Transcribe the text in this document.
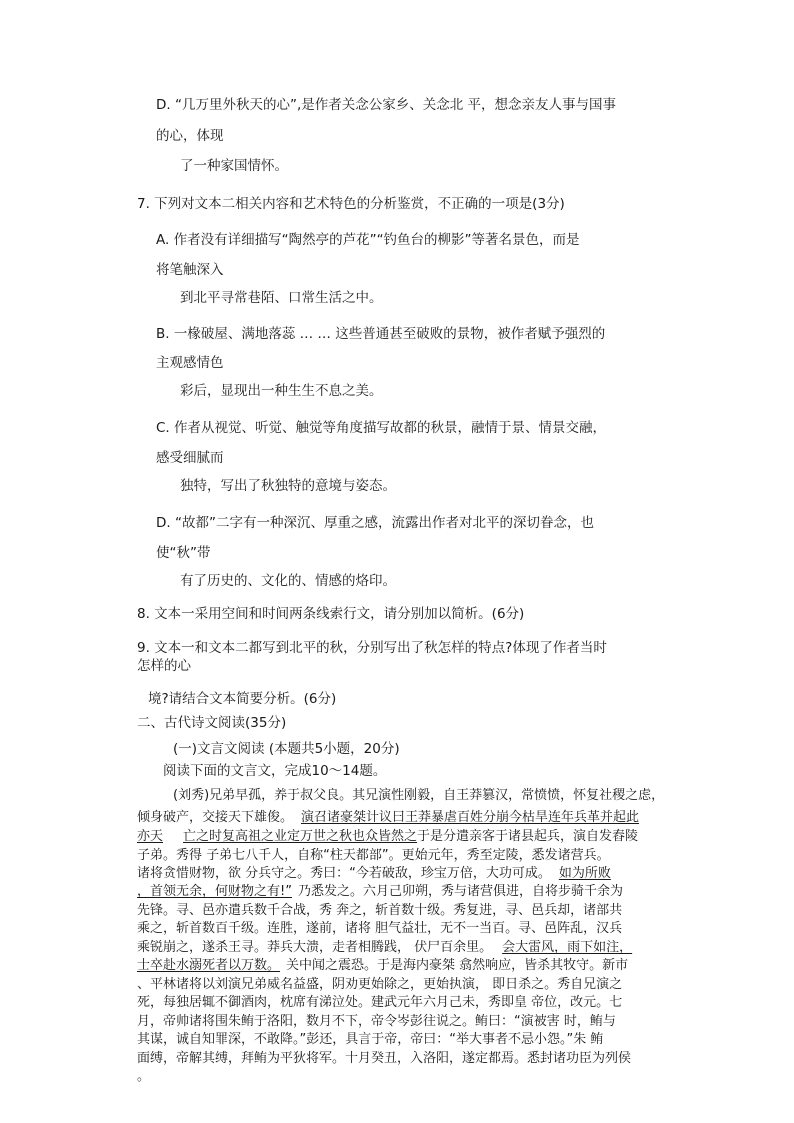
D. “几万里外秋天的心”,是作者关念公家乡、关念北 平，想念亲友人事与国事
的心，体现
了一种家国情怀。
7. 下列对文本二相关内容和艺术特色的分析鉴赏，不正确的一项是(3分)
A. 作者没有详细描写“陶然亭的芦花”“钓鱼台的柳影”等著名景色，而是
将笔触深入
到北平寻常巷陌、口常生活之中。
B. 一椽破屋、满地落蕊 … … 这些普通甚至破败的景物，被作者赋予强烈的
主观感情色
彩后，显现出一种生生不息之美。
C. 作者从视觉、听觉、触觉等角度描写故都的秋景，融情于景、情景交融，
感受细腻而
独特，写出了秋独特的意境与姿态。
D. “故都”二字有一种深沉、厚重之感，流露出作者对北平的深切眷念，也
使“秋”带
有了历史的、文化的、情感的烙印。
8. 文本一采用空间和时间两条线索行文，请分别加以简析。(6分)
9. 文本一和文本二都写到北平的秋，分别写出了秋怎样的特点?体现了作者当时
怎样的心
境?请结合文本简要分析。(6分)
二、古代诗文阅读(35分)
(一)文言文阅读 (本题共5小题，20分)
阅读下面的文言文，完成10～14题。
(刘秀)兄弟早孤，养于叔父良。其兄演性刚毅，自王莽篡汉，常愤愤，怀复社稷之虑，
倾身破产，交接天下雄俊。 演召诸豪桀计议曰王莽暴虐百姓分崩今枯旱连年兵革并起此
亦天 亡之时复高祖之业定万世之秋也众皆然之于是分遣亲客于诸县起兵，演自发舂陵
子弟。秀得 子弟七八千人，自称“柱天都部”。更始元年，秀至定陵，悉发诸营兵。
诸将贪惜财物，欲 分兵守之。秀曰：“今若破敌，珍宝万倍，大功可成。 如为所败
，首领无余，何财物之有!” 乃悉发之。六月己卯朔，秀与诸营俱进，自将步骑千余为
先锋。寻、邑亦遣兵数千合战，秀 奔之，斩首数十级。秀复进，寻、邑兵却，诸部共
乘之，斩首数百千级。连胜，遂前，诸将 胆气益壮，无不一当百。寻、邑阵乱，汉兵
乘锐崩之，遂杀王寻。莽兵大溃，走者相腾践， 伏尸百余里。 会大雷风，雨下如注，
士卒赴水溺死者以万数。 关中闻之震恐。于是海内豪桀 翕然响应，皆杀其牧守。新市
、平林诸将以刘演兄弟威名益盛，阴劝更始除之，更始执演， 即日杀之。秀自兄演之
死，每独居辄不御酒肉，枕席有涕泣处。建武元年六月己未，秀即皇 帝位，改元。七
月，帝帅诸将围朱鲔于洛阳，数月不下，帝令岑彭往说之。鲔曰：“演被害 时，鲔与
其谋，诚自知罪深，不敢降。”彭还，具言于帝，帝曰：“举大事者不忌小怨。”朱 鲔
面缚，帝解其缚，拜鲔为平狄将军。十月癸丑，入洛阳，遂定都焉。悉封诸功臣为列侯
。
